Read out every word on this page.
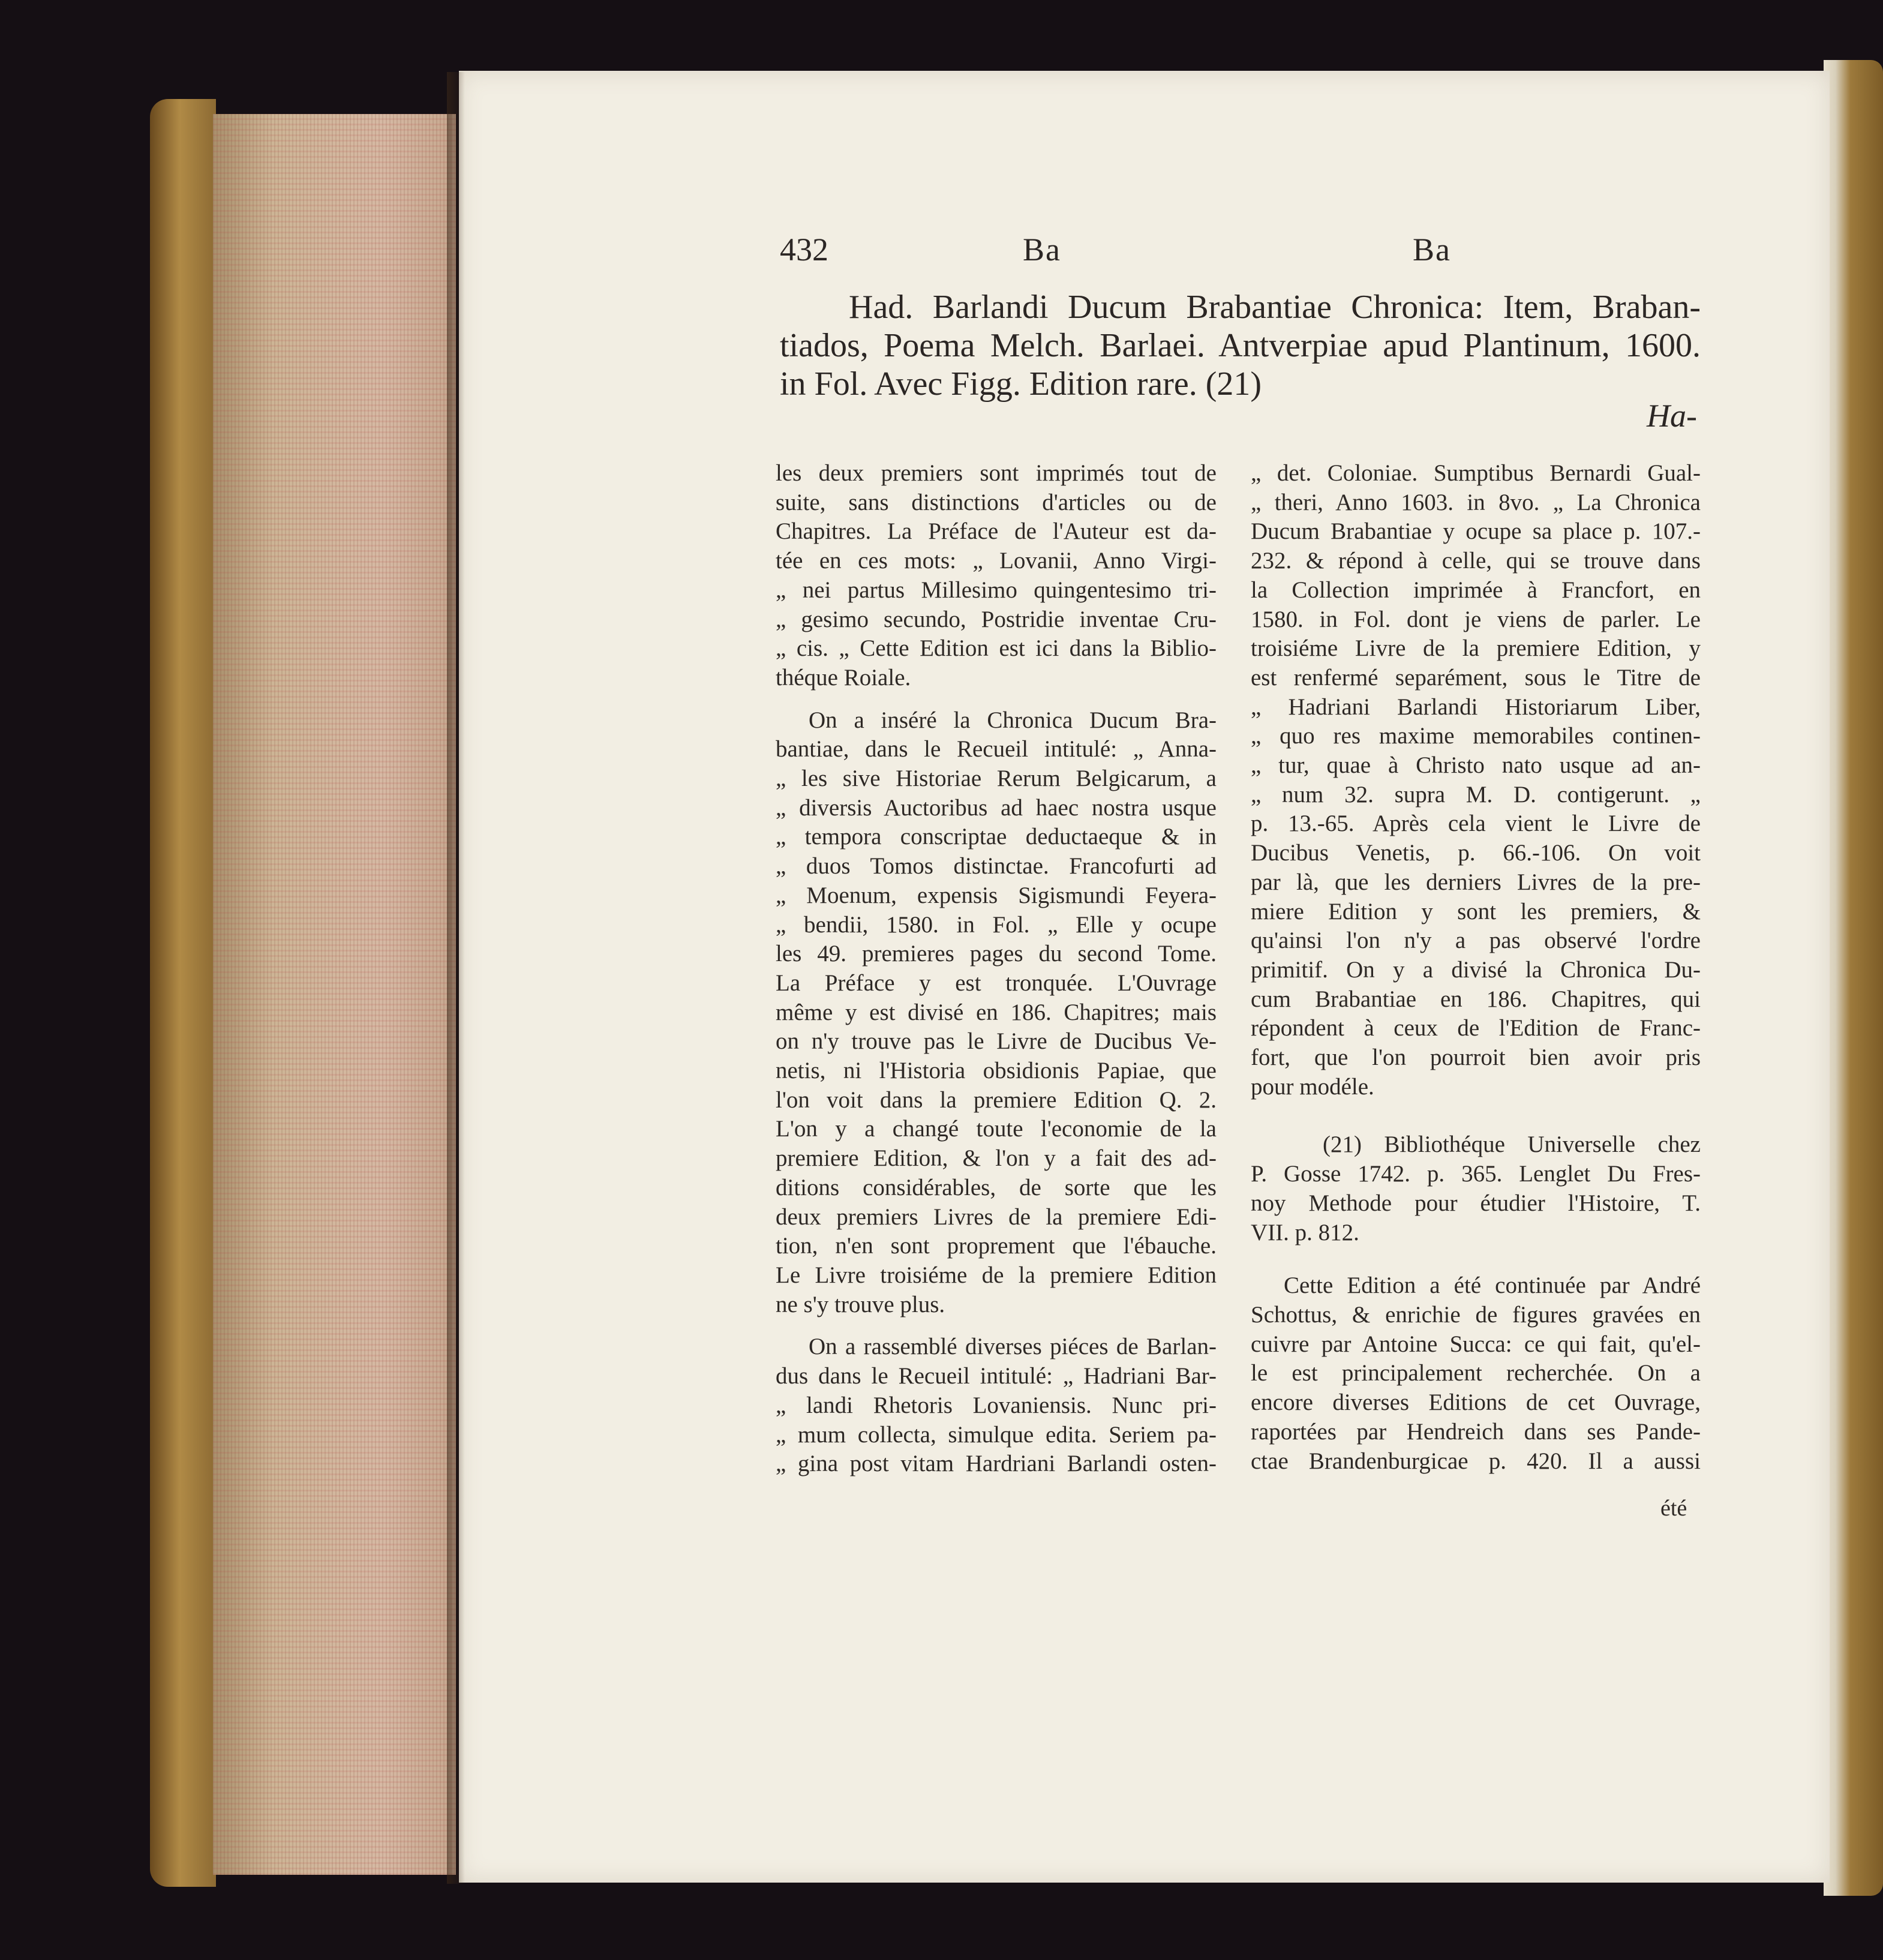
432	Ba	Ba
Had. Barlandi Ducum Brabantiae Chronica: Item, Braban-
tiados, Poema Melch. Barlaei. Antverpiae apud Plantinum, 1600.
in Fol. Avec Figg. Edition rare. (21)
Ha-
les deux premiers sont imprimés tout de
suite, sans distinctions d'articles ou de
Chapitres. La Préface de l'Auteur est da-
tée en ces mots: „ Lovanii, Anno Virgi-
„ nei partus Millesimo quingentesimo tri-
„ gesimo secundo, Postridie inventae Cru-
„ cis. „ Cette Edition est ici dans la Biblio-
théque Roiale.
On a inséré la Chronica Ducum Bra-
bantiae, dans le Recueil intitulé: „ Anna-
„ les sive Historiae Rerum Belgicarum, a
„ diversis Auctoribus ad haec nostra usque
„ tempora conscriptae deductaeque & in
„ duos Tomos distinctae. Francofurti ad
„ Moenum, expensis Sigismundi Feyera-
„ bendii, 1580. in Fol. „ Elle y ocupe
les 49. premieres pages du second Tome.
La Préface y est tronquée. L'Ouvrage
même y est divisé en 186. Chapitres; mais
on n'y trouve pas le Livre de Ducibus Ve-
netis, ni l'Historia obsidionis Papiae, que
l'on voit dans la premiere Edition Q. 2.
L'on y a changé toute l'economie de la
premiere Edition, & l'on y a fait des ad-
ditions considérables, de sorte que les
deux premiers Livres de la premiere Edi-
tion, n'en sont proprement que l'ébauche.
Le Livre troisiéme de la premiere Edition
ne s'y trouve plus.
On a rassemblé diverses piéces de Barlan-
dus dans le Recueil intitulé: „ Hadriani Bar-
„ landi Rhetoris Lovaniensis. Nunc pri-
„ mum collecta, simulque edita. Seriem pa-
„ gina post vitam Hardriani Barlandi osten-
„ det. Coloniae. Sumptibus Bernardi Gual-
„ theri, Anno 1603. in 8vo. „ La Chronica
Ducum Brabantiae y ocupe sa place p. 107.-
232. & répond à celle, qui se trouve dans
la Collection imprimée à Francfort, en
1580. in Fol. dont je viens de parler. Le
troisiéme Livre de la premiere Edition, y
est renfermé separément, sous le Titre de
„ Hadriani Barlandi Historiarum Liber,
„ quo res maxime memorabiles continen-
„ tur, quae à Christo nato usque ad an-
„ num 32. supra M. D. contigerunt. „
p. 13.-65. Après cela vient le Livre de
Ducibus Venetis, p. 66.-106. On voit
par là, que les derniers Livres de la pre-
miere Edition y sont les premiers, &
qu'ainsi l'on n'y a pas observé l'ordre
primitif. On y a divisé la Chronica Du-
cum Brabantiae en 186. Chapitres, qui
répondent à ceux de l'Edition de Franc-
fort, que l'on pourroit bien avoir pris
pour modéle.
(21) Bibliothéque Universelle chez
P. Gosse 1742. p. 365. Lenglet Du Fres-
noy Methode pour étudier l'Histoire, T.
VII. p. 812.
Cette Edition a été continuée par André
Schottus, & enrichie de figures gravées en
cuivre par Antoine Succa: ce qui fait, qu'el-
le est principalement recherchée. On a
encore diverses Editions de cet Ouvrage,
raportées par Hendreich dans ses Pande-
ctae Brandenburgicae p. 420. Il a aussi
été
